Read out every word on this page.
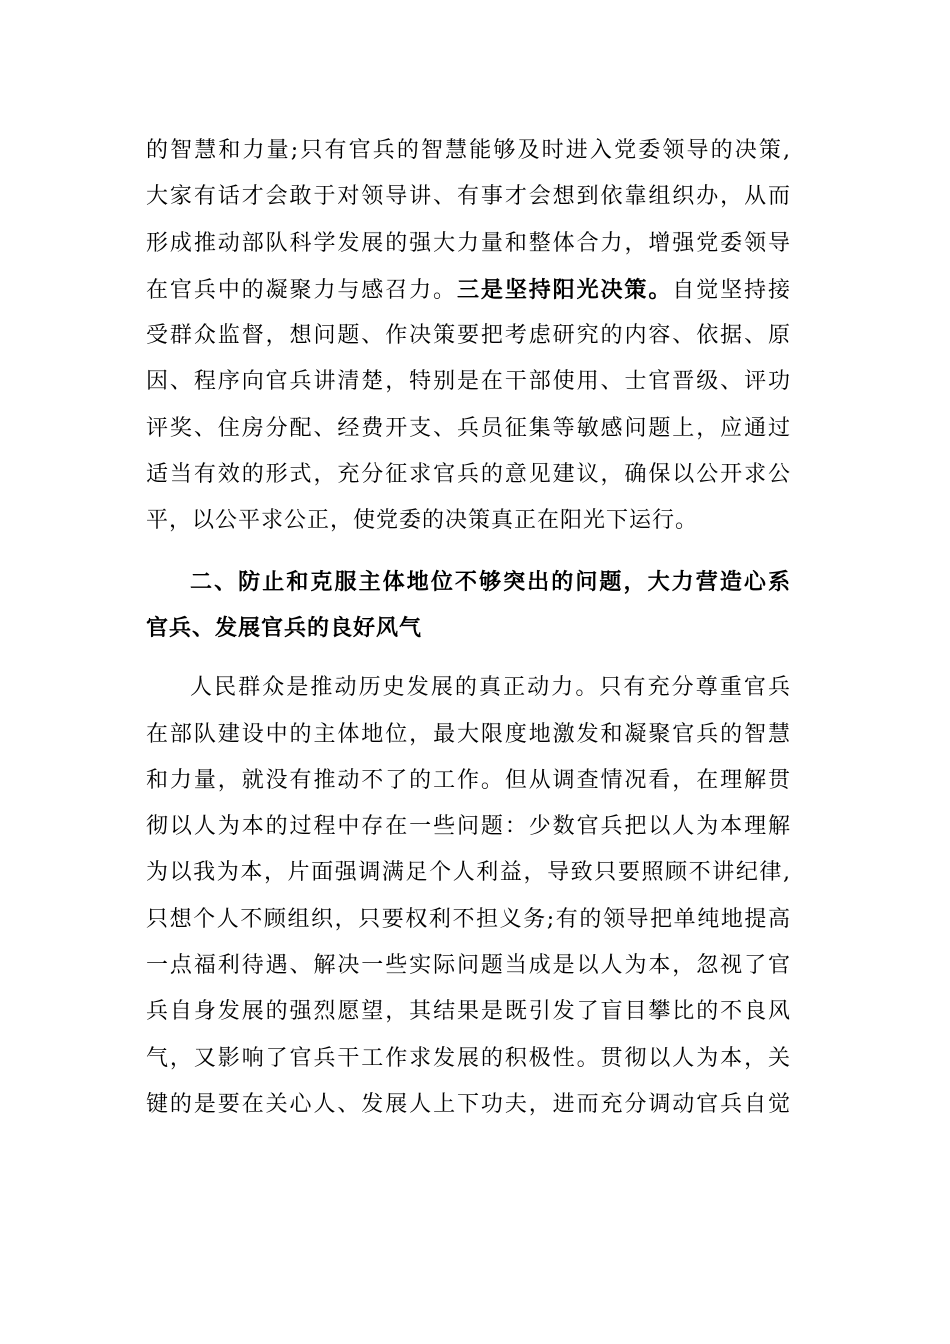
的智慧和力量;只有官兵的智慧能够及时进入党委领导的决策,
大家有话才会敢于对领导讲、有事才会想到依靠组织办，从而
形成推动部队科学发展的强大力量和整体合力，增强党委领导
在官兵中的凝聚力与感召力。三是坚持阳光决策。自觉坚持接
受群众监督，想问题、作决策要把考虑研究的内容、依据、原
因、程序向官兵讲清楚，特别是在干部使用、士官晋级、评功
评奖、住房分配、经费开支、兵员征集等敏感问题上，应通过
适当有效的形式，充分征求官兵的意见建议，确保以公开求公
平，以公平求公正，使党委的决策真正在阳光下运行。
二、防止和克服主体地位不够突出的问题，大力营造心系
官兵、发展官兵的良好风气
人民群众是推动历史发展的真正动力。只有充分尊重官兵
在部队建设中的主体地位，最大限度地激发和凝聚官兵的智慧
和力量，就没有推动不了的工作。但从调查情况看，在理解贯
彻以人为本的过程中存在一些问题：少数官兵把以人为本理解
为以我为本，片面强调满足个人利益，导致只要照顾不讲纪律,
只想个人不顾组织，只要权利不担义务;有的领导把单纯地提高
一点福利待遇、解决一些实际问题当成是以人为本，忽视了官
兵自身发展的强烈愿望，其结果是既引发了盲目攀比的不良风
气，又影响了官兵干工作求发展的积极性。贯彻以人为本，关
键的是要在关心人、发展人上下功夫，进而充分调动官兵自觉
